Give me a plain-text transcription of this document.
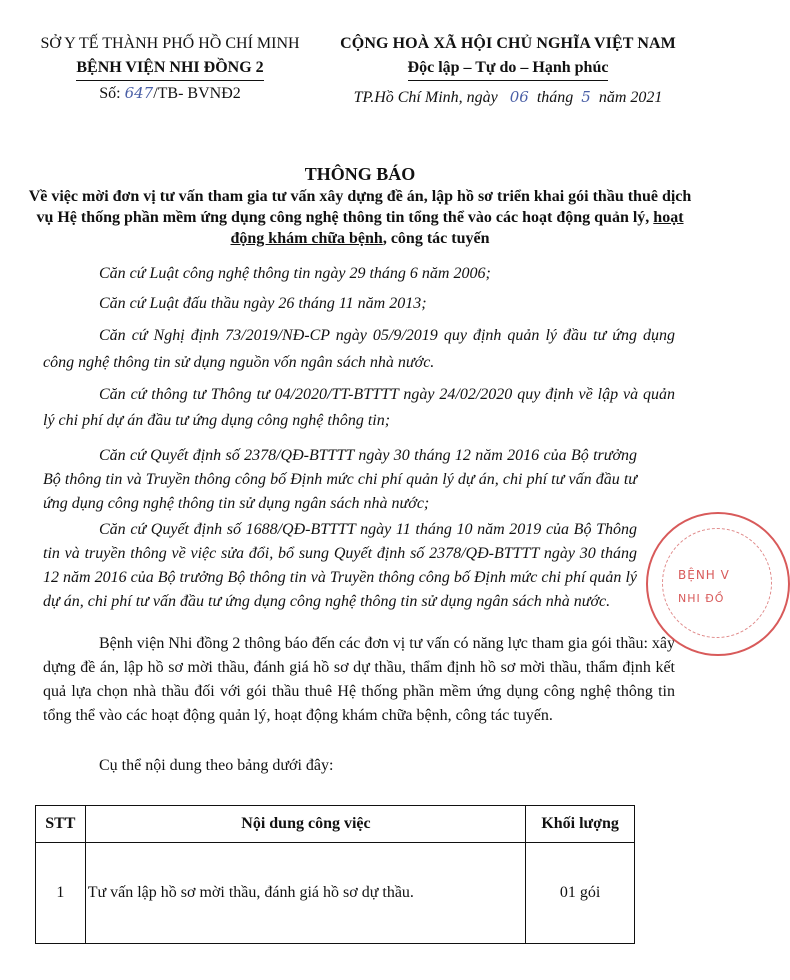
SỞ Y TẾ THÀNH PHỐ HỒ CHÍ MINH
BỆNH VIỆN NHI ĐỒNG 2
Số: 647/TB- BVNĐ2
CỘNG HOÀ XÃ HỘI CHỦ NGHĨA VIỆT NAM
Độc lập – Tự do – Hạnh phúc
TP.Hồ Chí Minh, ngày 06 tháng 5 năm 2021
THÔNG BÁO
Về việc mời đơn vị tư vấn tham gia tư vấn xây dựng đề án, lập hồ sơ triển khai gói thầu thuê dịch vụ Hệ thống phần mềm ứng dụng công nghệ thông tin tổng thể vào các hoạt động quản lý, hoạt động khám chữa bệnh, công tác tuyến
Căn cứ Luật công nghệ thông tin ngày 29 tháng 6 năm 2006;
Căn cứ Luật đấu thầu ngày 26 tháng 11 năm 2013;
Căn cứ Nghị định 73/2019/NĐ-CP ngày 05/9/2019 quy định quản lý đầu tư ứng dụng công nghệ thông tin sử dụng nguồn vốn ngân sách nhà nước.
Căn cứ thông tư Thông tư 04/2020/TT-BTTTT ngày 24/02/2020 quy định về lập và quản lý chi phí dự án đầu tư ứng dụng công nghệ thông tin;
Căn cứ Quyết định số 2378/QĐ-BTTTT ngày 30 tháng 12 năm 2016 của Bộ trưởng Bộ thông tin và Truyền thông công bố Định mức chi phí quản lý dự án, chi phí tư vấn đầu tư ứng dụng công nghệ thông tin sử dụng ngân sách nhà nước;
Căn cứ Quyết định số 1688/QĐ-BTTTT ngày 11 tháng 10 năm 2019 của Bộ Thông tin và truyền thông về việc sửa đổi, bổ sung Quyết định số 2378/QĐ-BTTTT ngày 30 tháng 12 năm 2016 của Bộ trưởng Bộ thông tin và Truyền thông công bố Định mức chi phí quản lý dự án, chi phí tư vấn đầu tư ứng dụng công nghệ thông tin sử dụng ngân sách nhà nước.
Bệnh viện Nhi đồng 2 thông báo đến các đơn vị tư vấn có năng lực tham gia gói thầu: xây dựng đề án, lập hồ sơ mời thầu, đánh giá hồ sơ dự thầu, thẩm định hồ sơ mời thầu, thẩm định kết quả lựa chọn nhà thầu đối với gói thầu thuê Hệ thống phần mềm ứng dụng công nghệ thông tin tổng thể vào các hoạt động quản lý, hoạt động khám chữa bệnh, công tác tuyến.
Cụ thể nội dung theo bảng dưới đây:
STT	Nội dung công việc	Khối lượng
1	Tư vấn lập hồ sơ mời thầu, đánh giá hồ sơ dự thầu.	01 gói
BỆNH V
NHI ĐỒ
